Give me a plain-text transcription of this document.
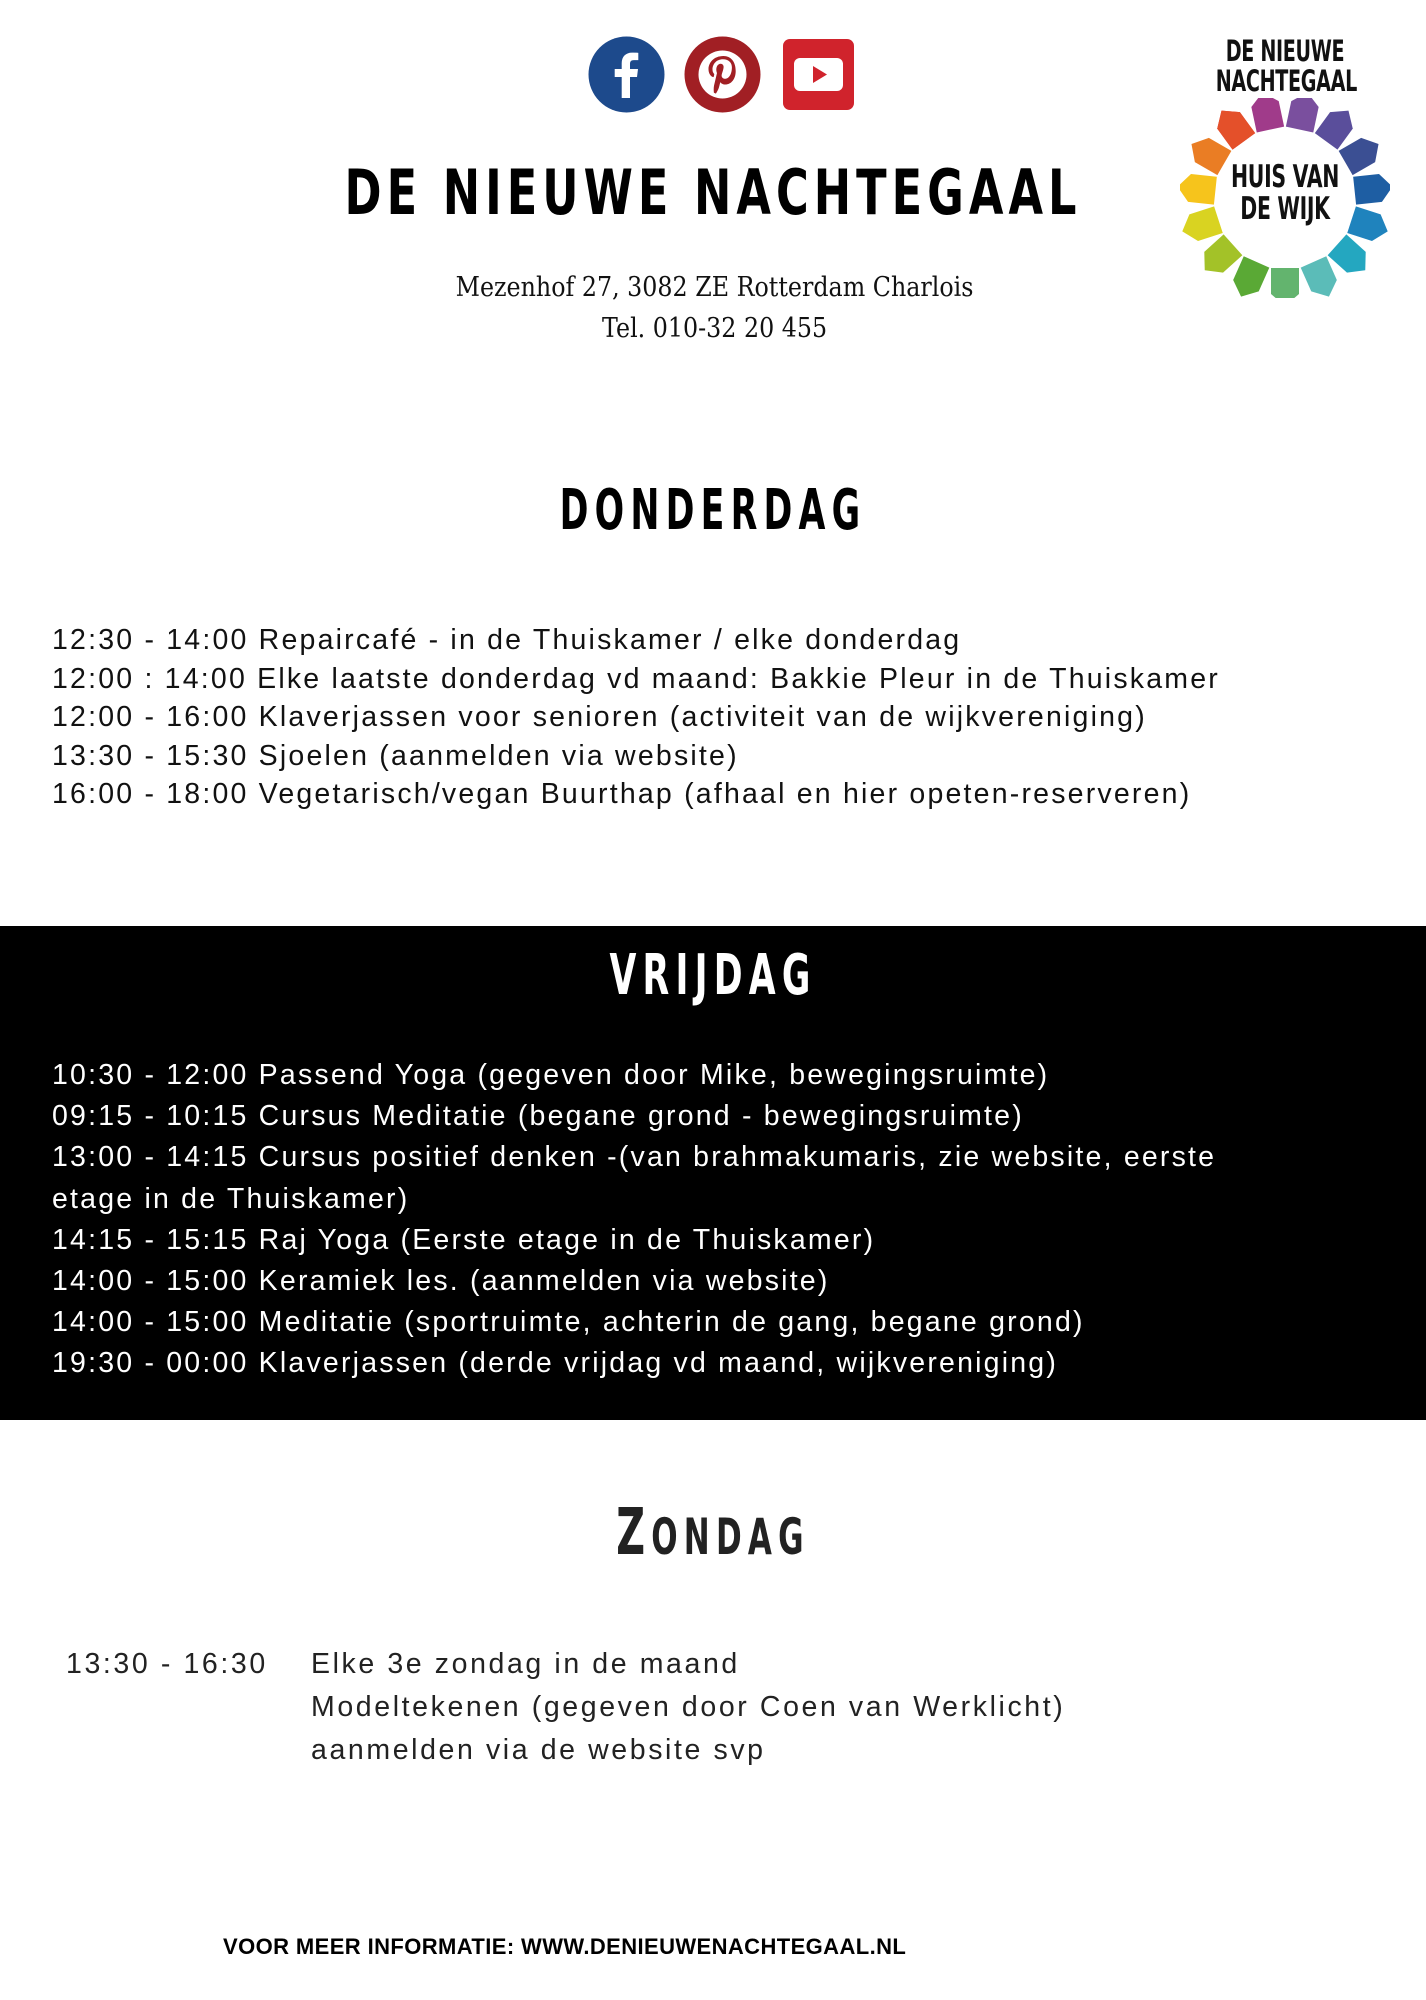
DE NIEUWE NACHTEGAAL
Mezenhof 27, 3082 ZE Rotterdam Charlois
Tel. 010-32 20 455
DE NIEUWE
NACHTEGAAL
HUIS VAN
DE WIJK
DONDERDAG
12:30 - 14:00 Repaircafé - in de Thuiskamer / elke donderdag
12:00 : 14:00 Elke laatste donderdag vd maand: Bakkie Pleur in de Thuiskamer
12:00 - 16:00 Klaverjassen voor senioren (activiteit van de wijkvereniging)
13:30 - 15:30 Sjoelen (aanmelden via website)
16:00 - 18:00 Vegetarisch/vegan Buurthap (afhaal en hier opeten-reserveren)
VRIJDAG
10:30 - 12:00 Passend Yoga (gegeven door Mike, bewegingsruimte)
09:15 - 10:15 Cursus Meditatie (begane grond - bewegingsruimte)
13:00 - 14:15 Cursus positief denken -(van brahmakumaris, zie website, eerste
etage in de Thuiskamer)
14:15 - 15:15 Raj Yoga (Eerste etage in de Thuiskamer)
14:00 - 15:00 Keramiek les. (aanmelden via website)
14:00 - 15:00 Meditatie (sportruimte, achterin de gang, begane grond)
19:30 - 00:00 Klaverjassen (derde vrijdag vd maand, wijkvereniging)
ZONDAG
13:30 - 16:30 Elke 3e zondag in de maand
Modeltekenen (gegeven door Coen van Werklicht)
aanmelden via de website svp
VOOR MEER INFORMATIE: WWW.DENIEUWENACHTEGAAL.NL
